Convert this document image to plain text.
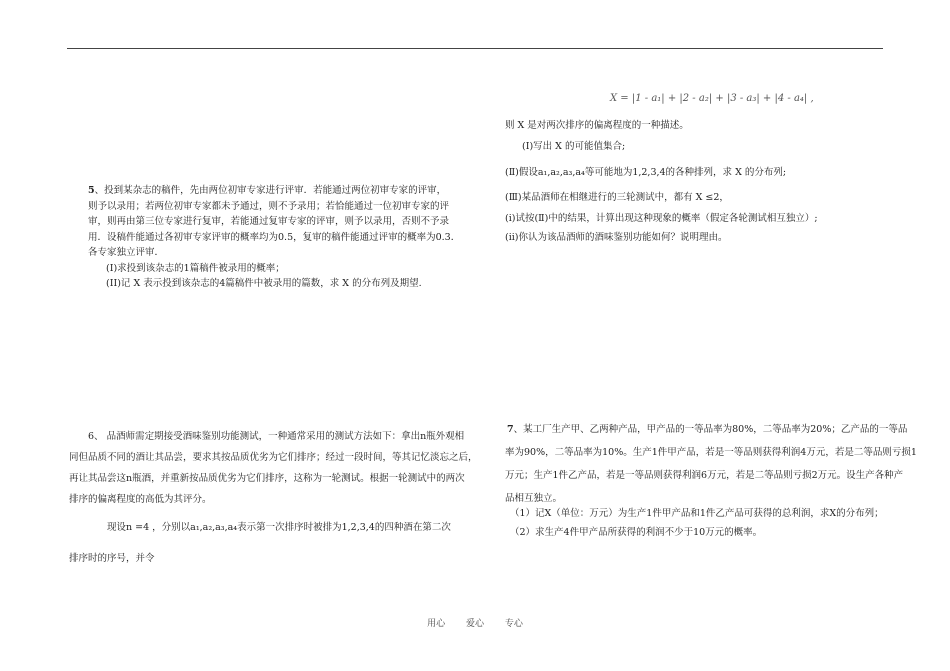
5、投到某杂志的稿件，先由两位初审专家进行评审．若能通过两位初审专家的评审，
则予以录用；若两位初审专家都未予通过，则不予录用；若恰能通过一位初审专家的评
审，则再由第三位专家进行复审，若能通过复审专家的评审，则予以录用，否则不予录
用．设稿件能通过各初审专家评审的概率均为0.5，复审的稿件能通过评审的概率为0.3．
各专家独立评审．
(I)求投到该杂志的1篇稿件被录用的概率；
(II)记 X 表示投到该杂志的4篇稿件中被录用的篇数，求 X 的分布列及期望.
6、 品酒师需定期接受酒味鉴别功能测试，一种通常采用的测试方法如下：拿出n瓶外观相
同但品质不同的酒让其品尝，要求其按品质优劣为它们排序；经过一段时间，等其记忆淡忘之后，
再让其品尝这n瓶酒，并重新按品质优劣为它们排序，这称为一轮测试。根据一轮测试中的两次
排序的偏离程度的高低为其评分。
现设n =4 ，分别以a₁,a₂,a₃,a₄表示第一次排序时被排为1,2,3,4的四种酒在第二次
排序时的序号，并令
X = |1 - a₁| + |2 - a₂| + |3 - a₃| + |4 - a₄| ,
则 X 是对两次排序的偏离程度的一种描述。
(Ⅰ)写出 X 的可能值集合;
(Ⅱ)假设a₁,a₂,a₃,a₄等可能地为1,2,3,4的各种排列，求 X 的分布列;
(Ⅲ)某品酒师在相继进行的三轮测试中，都有 X ≤2，
(i)试按(Ⅱ)中的结果，计算出现这种现象的概率（假定各轮测试相互独立）;
(ii)你认为该品酒师的酒味鉴别功能如何？说明理由。
7、某工厂生产甲、乙两种产品，甲产品的一等品率为80%，二等品率为20%；乙产品的一等品
率为90%，二等品率为10%。生产1件甲产品，若是一等品则获得利润4万元，若是二等品则亏损1
万元；生产1件乙产品，若是一等品则获得利润6万元，若是二等品则亏损2万元。设生产各种产
品相互独立。
（1）记X（单位：万元）为生产1件甲产品和1件乙产品可获得的总利润，求X的分布列；
（2）求生产4件甲产品所获得的利润不少于10万元的概率。
用心 爱心 专心
